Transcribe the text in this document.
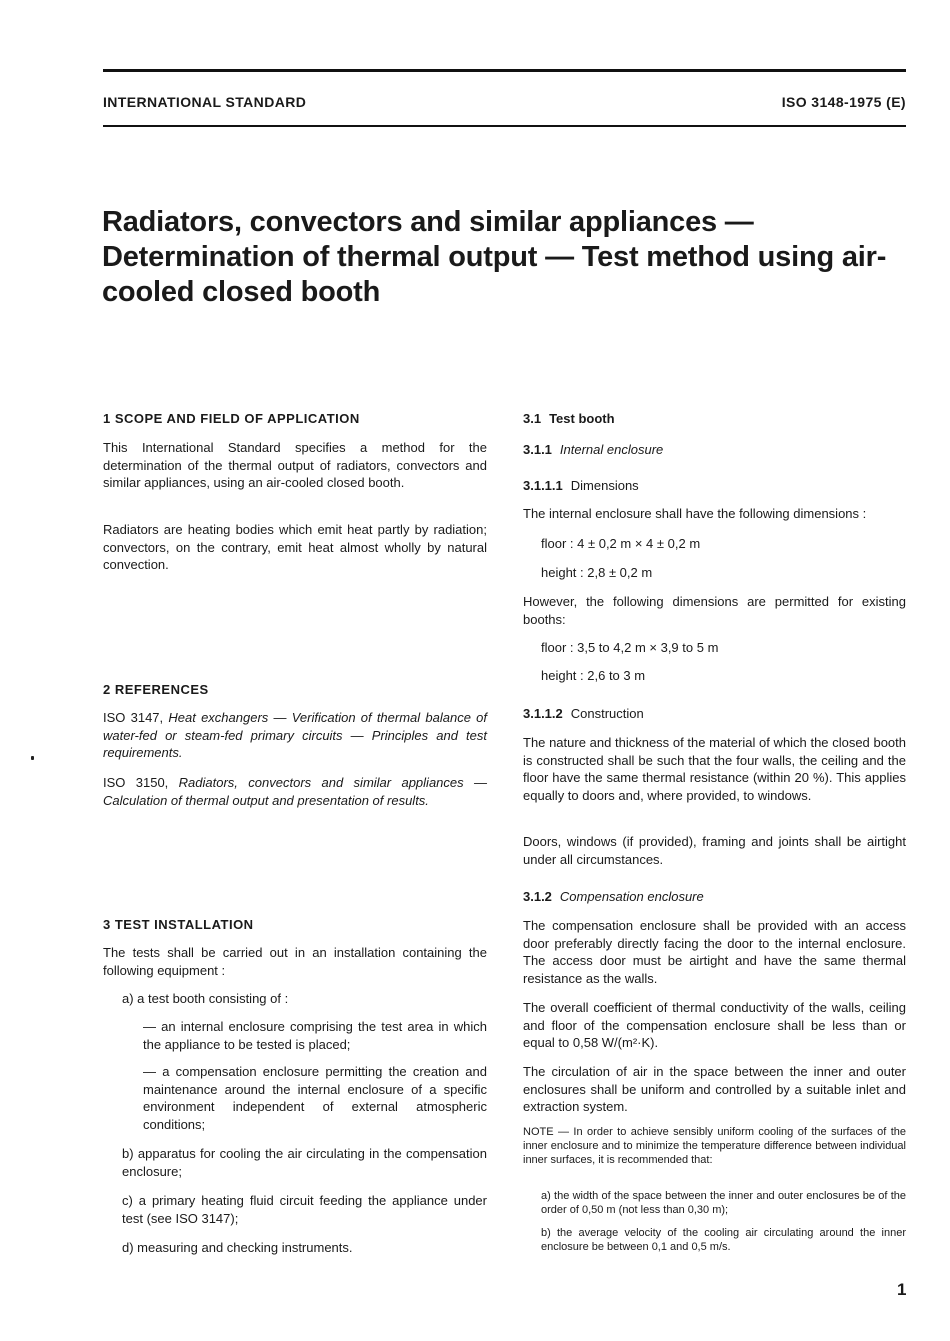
INTERNATIONAL STANDARD	ISO 3148-1975 (E)
Radiators, convectors and similar appliances — Determination of thermal output — Test method using air-cooled closed booth
1 SCOPE AND FIELD OF APPLICATION
This International Standard specifies a method for the determination of the thermal output of radiators, convectors and similar appliances, using an air-cooled closed booth.
Radiators are heating bodies which emit heat partly by radiation; convectors, on the contrary, emit heat almost wholly by natural convection.
2 REFERENCES
ISO 3147, Heat exchangers — Verification of thermal balance of water-fed or steam-fed primary circuits — Principles and test requirements.
ISO 3150, Radiators, convectors and similar appliances — Calculation of thermal output and presentation of results.
3 TEST INSTALLATION
The tests shall be carried out in an installation containing the following equipment :
a) a test booth consisting of :
— an internal enclosure comprising the test area in which the appliance to be tested is placed;
— a compensation enclosure permitting the creation and maintenance around the internal enclosure of a specific environment independent of external atmospheric conditions;
b) apparatus for cooling the air circulating in the compensation enclosure;
c) a primary heating fluid circuit feeding the appliance under test (see ISO 3147);
d) measuring and checking instruments.
3.1 Test booth
3.1.1 Internal enclosure
3.1.1.1 Dimensions
The internal enclosure shall have the following dimensions :
floor : 4 ± 0,2 m × 4 ± 0,2 m
height : 2,8 ± 0,2 m
However, the following dimensions are permitted for existing booths:
floor : 3,5 to 4,2 m × 3,9 to 5 m
height : 2,6 to 3 m
3.1.1.2 Construction
The nature and thickness of the material of which the closed booth is constructed shall be such that the four walls, the ceiling and the floor have the same thermal resistance (within 20 %). This applies equally to doors and, where provided, to windows.
Doors, windows (if provided), framing and joints shall be airtight under all circumstances.
3.1.2 Compensation enclosure
The compensation enclosure shall be provided with an access door preferably directly facing the door to the internal enclosure. The access door must be airtight and have the same thermal resistance as the walls.
The overall coefficient of thermal conductivity of the walls, ceiling and floor of the compensation enclosure shall be less than or equal to 0,58 W/(m²·K).
The circulation of air in the space between the inner and outer enclosures shall be uniform and controlled by a suitable inlet and extraction system.
NOTE — In order to achieve sensibly uniform cooling of the surfaces of the inner enclosure and to minimize the temperature difference between individual inner surfaces, it is recommended that:
a) the width of the space between the inner and outer enclosures be of the order of 0,50 m (not less than 0,30 m);
b) the average velocity of the cooling air circulating around the inner enclosure be between 0,1 and 0,5 m/s.
1
